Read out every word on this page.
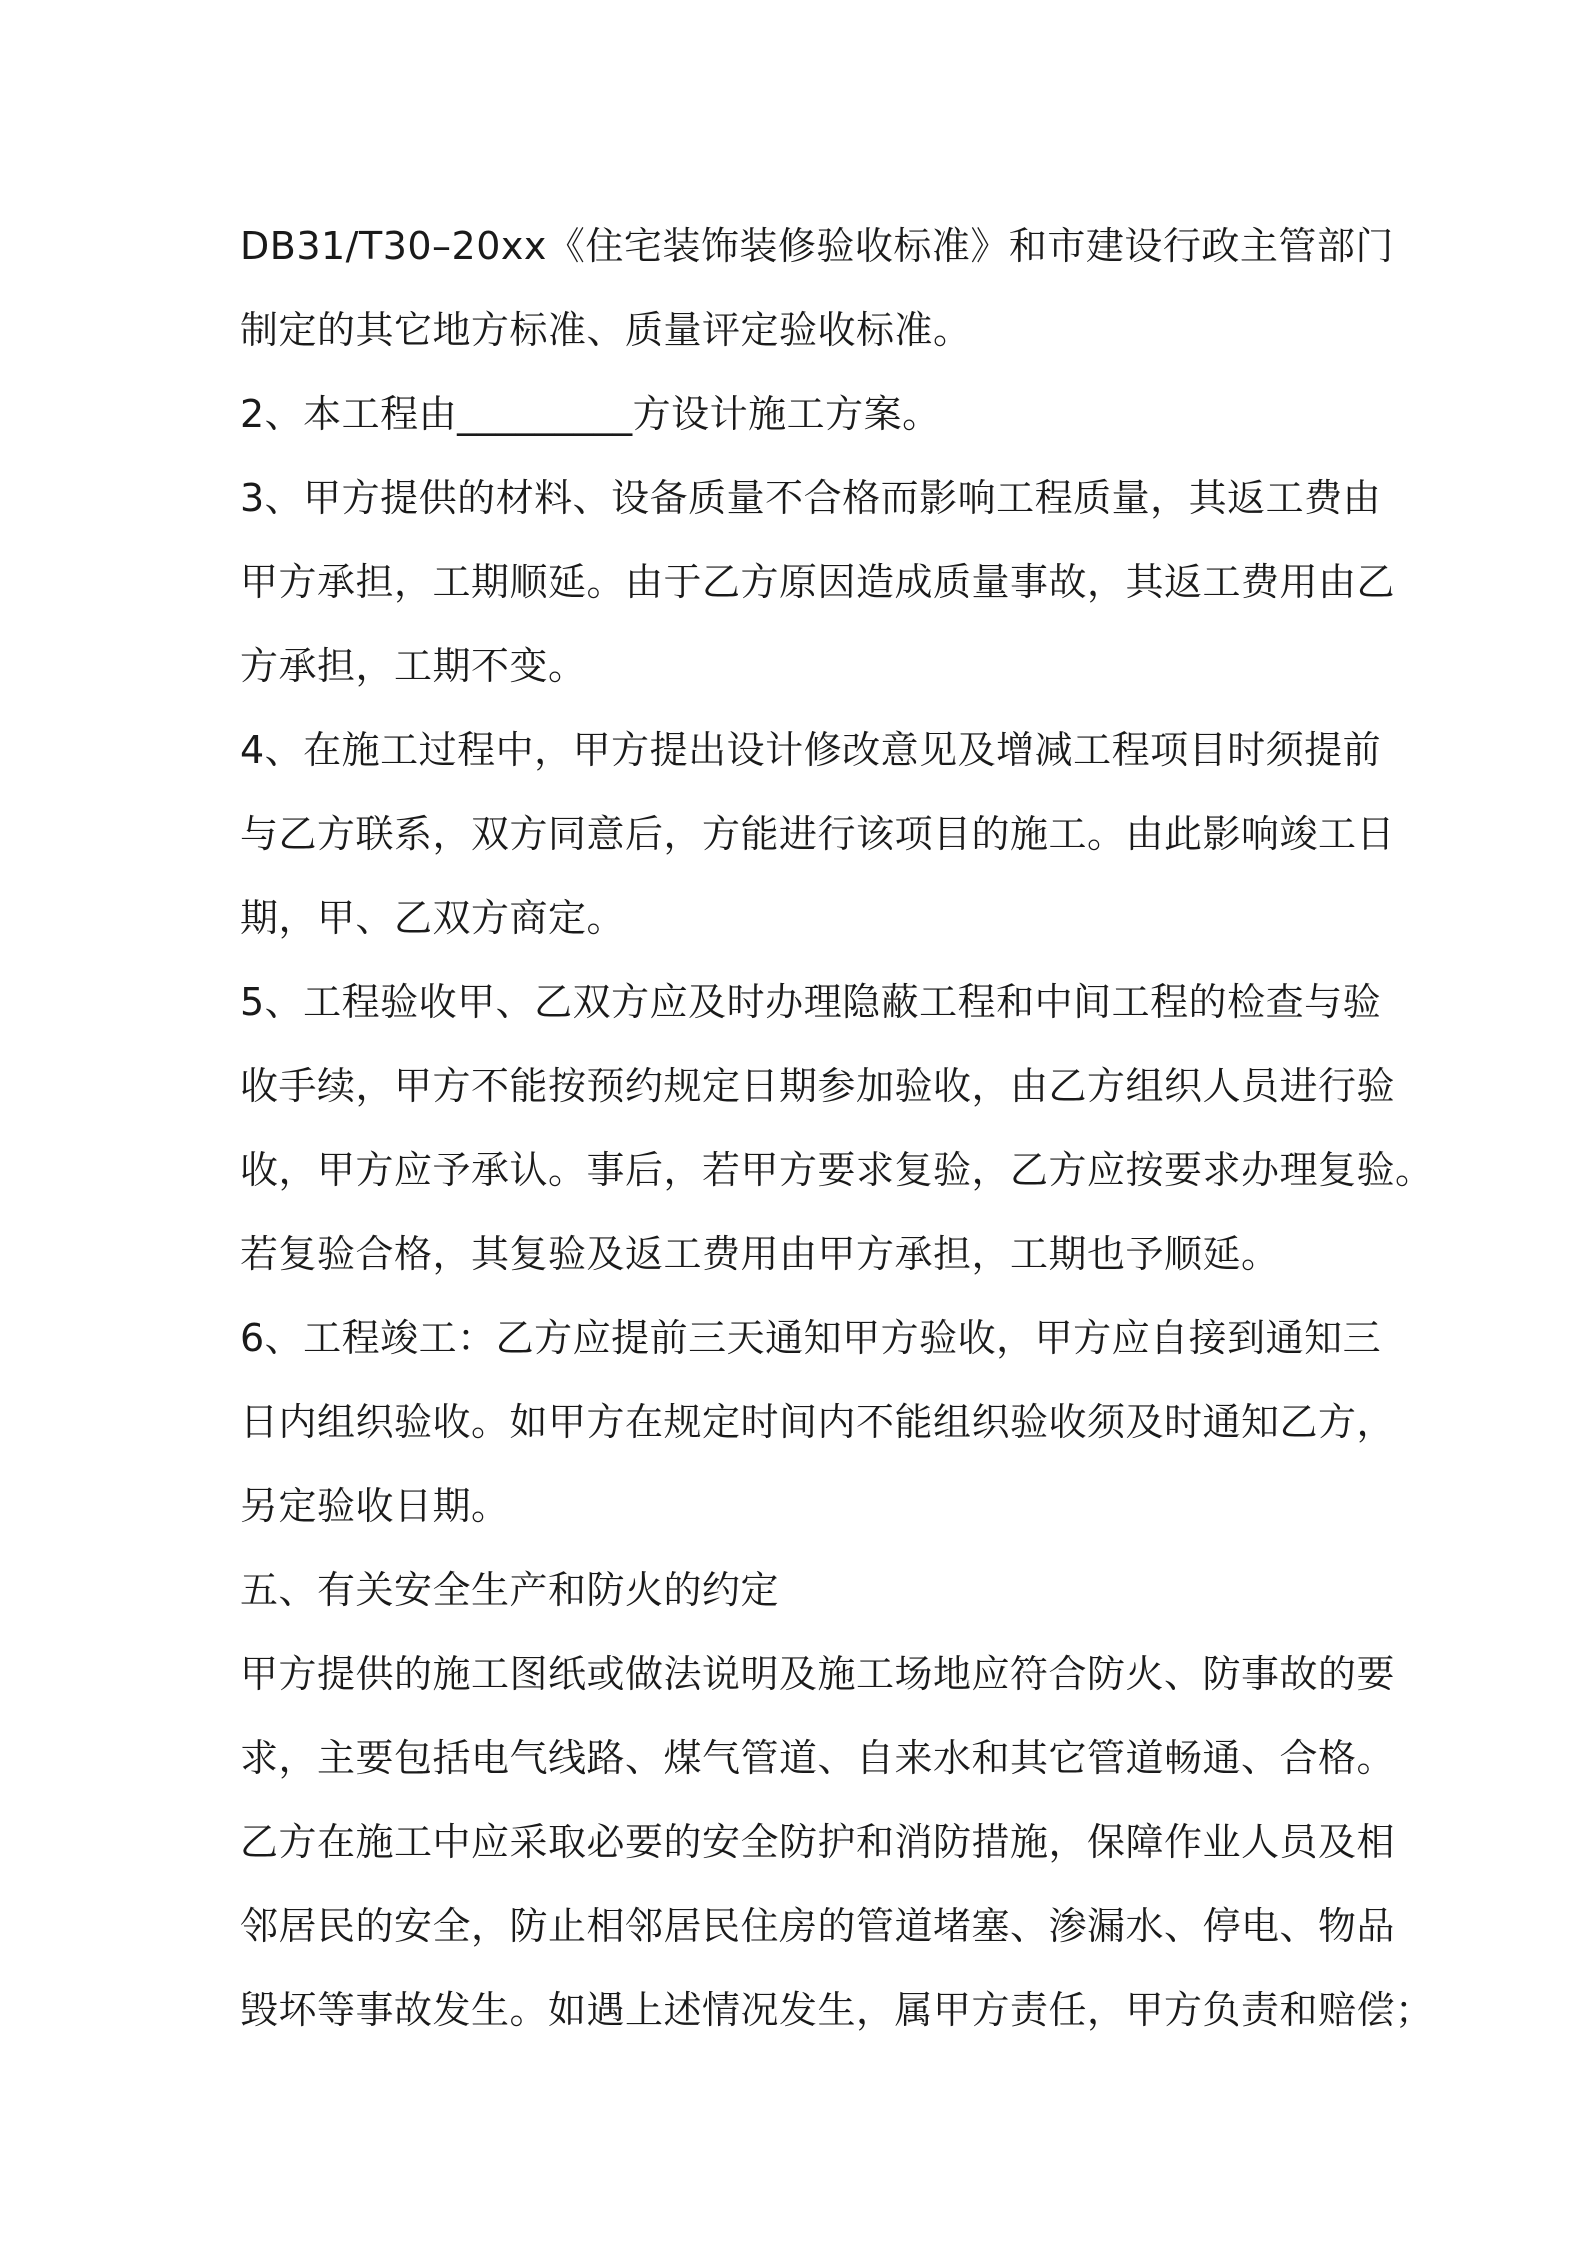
DB31/T30–20xx《住宅装饰装修验收标准》和市建设行政主管部门
制定的其它地方标准、质量评定验收标准。
2、本工程由_________方设计施工方案。
3、甲方提供的材料、设备质量不合格而影响工程质量，其返工费由
甲方承担，工期顺延。由于乙方原因造成质量事故，其返工费用由乙
方承担，工期不变。
4、在施工过程中，甲方提出设计修改意见及增减工程项目时须提前
与乙方联系，双方同意后，方能进行该项目的施工。由此影响竣工日
期，甲、乙双方商定。
5、工程验收甲、乙双方应及时办理隐蔽工程和中间工程的检查与验
收手续，甲方不能按预约规定日期参加验收，由乙方组织人员进行验
收，甲方应予承认。事后，若甲方要求复验，乙方应按要求办理复验。
若复验合格，其复验及返工费用由甲方承担，工期也予顺延。
6、工程竣工：乙方应提前三天通知甲方验收，甲方应自接到通知三
日内组织验收。如甲方在规定时间内不能组织验收须及时通知乙方，
另定验收日期。
五、有关安全生产和防火的约定
甲方提供的施工图纸或做法说明及施工场地应符合防火、防事故的要
求，主要包括电气线路、煤气管道、自来水和其它管道畅通、合格。
乙方在施工中应采取必要的安全防护和消防措施，保障作业人员及相
邻居民的安全，防止相邻居民住房的管道堵塞、渗漏水、停电、物品
毁坏等事故发生。如遇上述情况发生，属甲方责任，甲方负责和赔偿；
